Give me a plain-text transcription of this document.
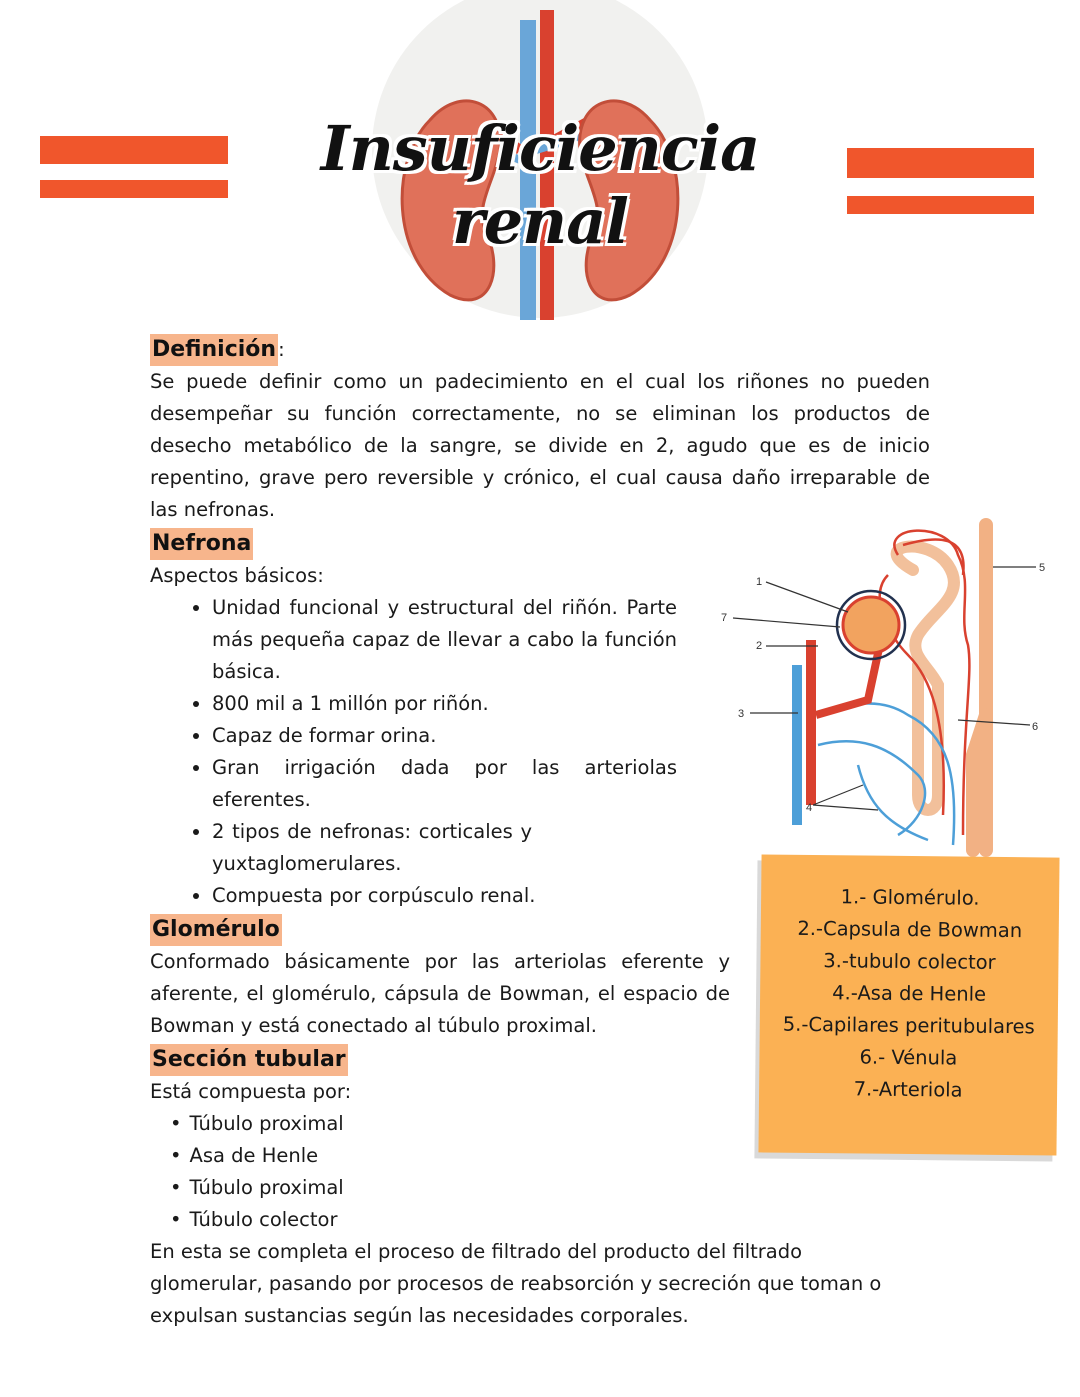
Insuficiencia renal
Definición :

Se puede definir como un padecimiento en el cual los riñones no pueden desempeñar su función correctamente, no se eliminan los productos de desecho metabólico de la sangre, se divide en 2, agudo que es de inicio repentino, grave pero reversible y crónico, el cual causa daño irreparable de las nefronas.

Nefrona

Aspectos básicos:

• Unidad funcional y estructural del riñón. Parte más pequeña capaz de llevar a cabo la función básica.
• 800 mil a 1 millón por riñón.
• Capaz de formar orina.
• Gran irrigación dada por las arteriolas eferentes.
• 2 tipos de nefronas: corticales y yuxtaglomerulares.
• Compuesta por corpúsculo renal.
Glomérulo

Conformado básicamente por las arteriolas eferente y aferente, el glomérulo, cápsula de Bowman, el espacio de Bowman y está conectado al túbulo proximal.

Sección tubular

Está compuesta por:

• Túbulo proximal
• Asa de Henle
• Túbulo proximal
• Túbulo colector

En esta se completa el proceso de filtrado del producto del filtrado glomerular, pasando por procesos de reabsorción y secreción que toman o expulsan sustancias según las necesidades corporales.

1
7
2
3
4
5
6
1.- Glomérulo.
2.-Capsula de Bowman
3.-tubulo colector
4.-Asa de Henle
5.-Capilares peritubulares
6.- Vénula
7.-Arteriola
